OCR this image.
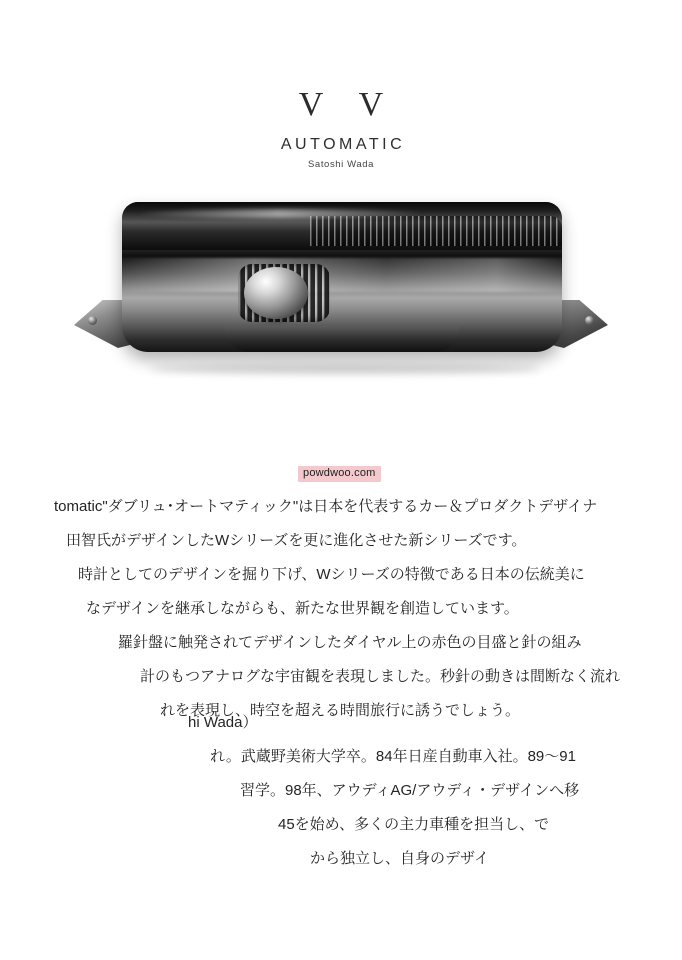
V V
AUTOMATIC
Satoshi Wada
powdwoo.com
tomatic"ダブリュ･オートマティック"は日本を代表するカー＆プロダクトデザイナ
田智氏がデザインしたWシリーズを更に進化させた新シリーズです。
時計としてのデザインを掘り下げ、Wシリーズの特徴である日本の伝統美に
なデザインを継承しながらも、新たな世界観を創造しています。
羅針盤に触発されてデザインしたダイヤル上の赤色の目盛と針の組み
計のもつアナログな宇宙観を表現しました。秒針の動きは間断なく流れ
れを表現し、時空を超える時間旅行に誘うでしょう。
hi Wada）
れ。武蔵野美術大学卒。84年日産自動車入社。89〜91
習学。98年、アウディAG/アウディ・デザインへ移
45を始め、多くの主力車種を担当し、で
から独立し、自身のデザイ
